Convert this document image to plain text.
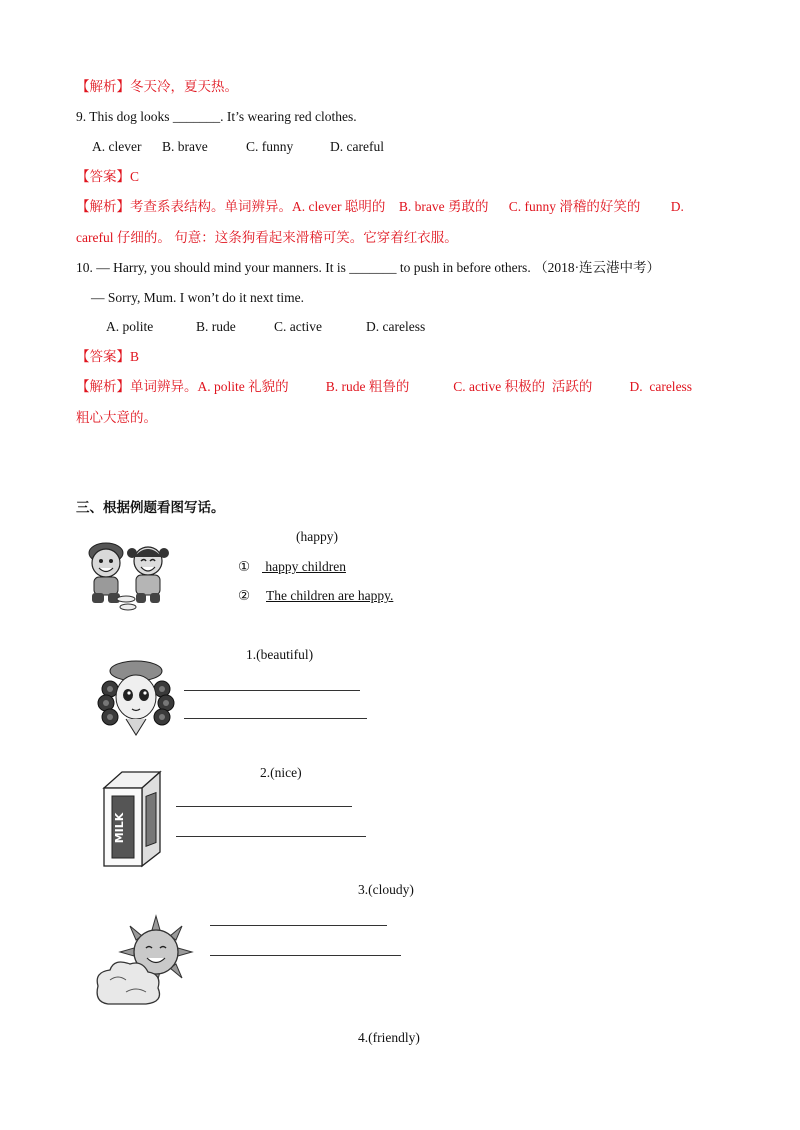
【解析】冬天冷，夏天热。
9. This dog looks _______. It’s wearing red clothes.
A. clever B. brave	C. funny	D. careful
【答案】C
【解析】考查系表结构。单词辨异。A. clever 聪明的    B. brave 勇敢的      C. funny 滑稽的好笑的         D.
careful 仔细的。 句意：这条狗看起来滑稽可笑。它穿着红衣服。
10. — Harry, you should mind your manners. It is _______ to push in before others. （2018·连云港中考）
— Sorry, Mum. I won’t do it next time.
A. polite	B. rude	C. active	D. careless
【答案】B
【解析】单词辨异。A. polite 礼貌的           B. rude 粗鲁的             C. active 积极的  活跃的           D.  careless
粗心大意的。
三、根据例题看图写话。
(happy)
① happy children
② The children are happy.
1.(beautiful)
2.(nice)
MILK
3.(cloudy)
4.(friendly)
